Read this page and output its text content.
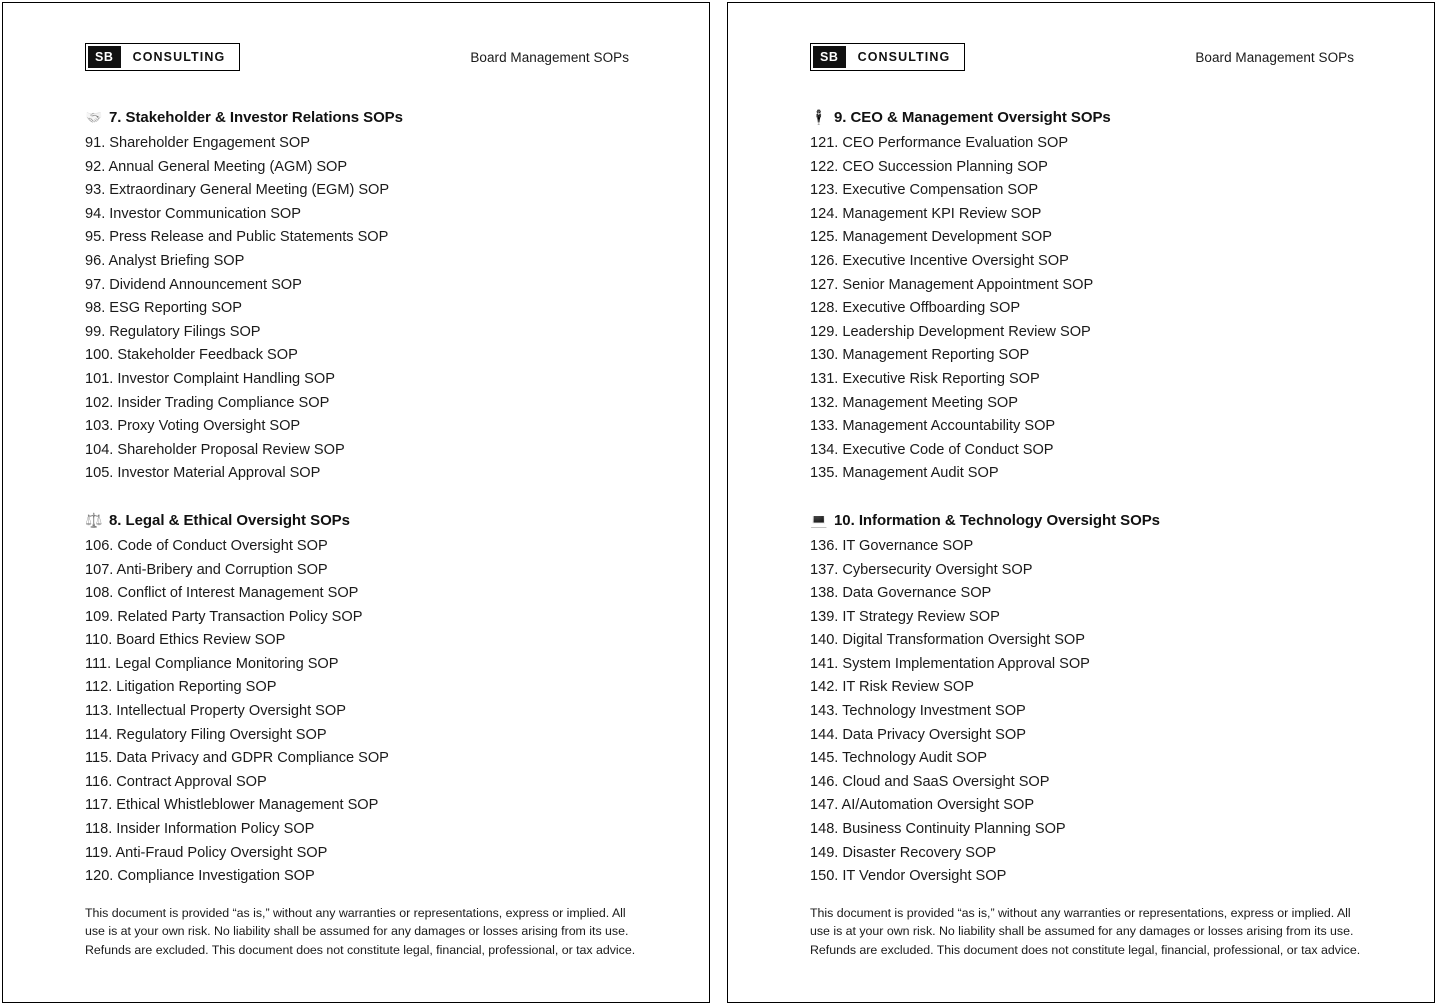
SB	CONSULTING	Board Management SOPs
🤝 7. Stakeholder & Investor Relations SOPs
91. Shareholder Engagement SOP
92. Annual General Meeting (AGM) SOP
93. Extraordinary General Meeting (EGM) SOP
94. Investor Communication SOP
95. Press Release and Public Statements SOP
96. Analyst Briefing SOP
97. Dividend Announcement SOP
98. ESG Reporting SOP
99. Regulatory Filings SOP
100. Stakeholder Feedback SOP
101. Investor Complaint Handling SOP
102. Insider Trading Compliance SOP
103. Proxy Voting Oversight SOP
104. Shareholder Proposal Review SOP
105. Investor Material Approval SOP
⚖️ 8. Legal & Ethical Oversight SOPs
106. Code of Conduct Oversight SOP
107. Anti-Bribery and Corruption SOP
108. Conflict of Interest Management SOP
109. Related Party Transaction Policy SOP
110. Board Ethics Review SOP
111. Legal Compliance Monitoring SOP
112. Litigation Reporting SOP
113. Intellectual Property Oversight SOP
114. Regulatory Filing Oversight SOP
115. Data Privacy and GDPR Compliance SOP
116. Contract Approval SOP
117. Ethical Whistleblower Management SOP
118. Insider Information Policy SOP
119. Anti-Fraud Policy Oversight SOP
120. Compliance Investigation SOP
This document is provided “as is,” without any warranties or representations, express or implied. All use is at your own risk. No liability shall be assumed for any damages or losses arising from its use. Refunds are excluded. This document does not constitute legal, financial, professional, or tax advice.
SB	CONSULTING	Board Management SOPs
🕴️ 9. CEO & Management Oversight SOPs
121. CEO Performance Evaluation SOP
122. CEO Succession Planning SOP
123. Executive Compensation SOP
124. Management KPI Review SOP
125. Management Development SOP
126. Executive Incentive Oversight SOP
127. Senior Management Appointment SOP
128. Executive Offboarding SOP
129. Leadership Development Review SOP
130. Management Reporting SOP
131. Executive Risk Reporting SOP
132. Management Meeting SOP
133. Management Accountability SOP
134. Executive Code of Conduct SOP
135. Management Audit SOP
💻 10. Information & Technology Oversight SOPs
136. IT Governance SOP
137. Cybersecurity Oversight SOP
138. Data Governance SOP
139. IT Strategy Review SOP
140. Digital Transformation Oversight SOP
141. System Implementation Approval SOP
142. IT Risk Review SOP
143. Technology Investment SOP
144. Data Privacy Oversight SOP
145. Technology Audit SOP
146. Cloud and SaaS Oversight SOP
147. AI/Automation Oversight SOP
148. Business Continuity Planning SOP
149. Disaster Recovery SOP
150. IT Vendor Oversight SOP
This document is provided “as is,” without any warranties or representations, express or implied. All use is at your own risk. No liability shall be assumed for any damages or losses arising from its use. Refunds are excluded. This document does not constitute legal, financial, professional, or tax advice.
